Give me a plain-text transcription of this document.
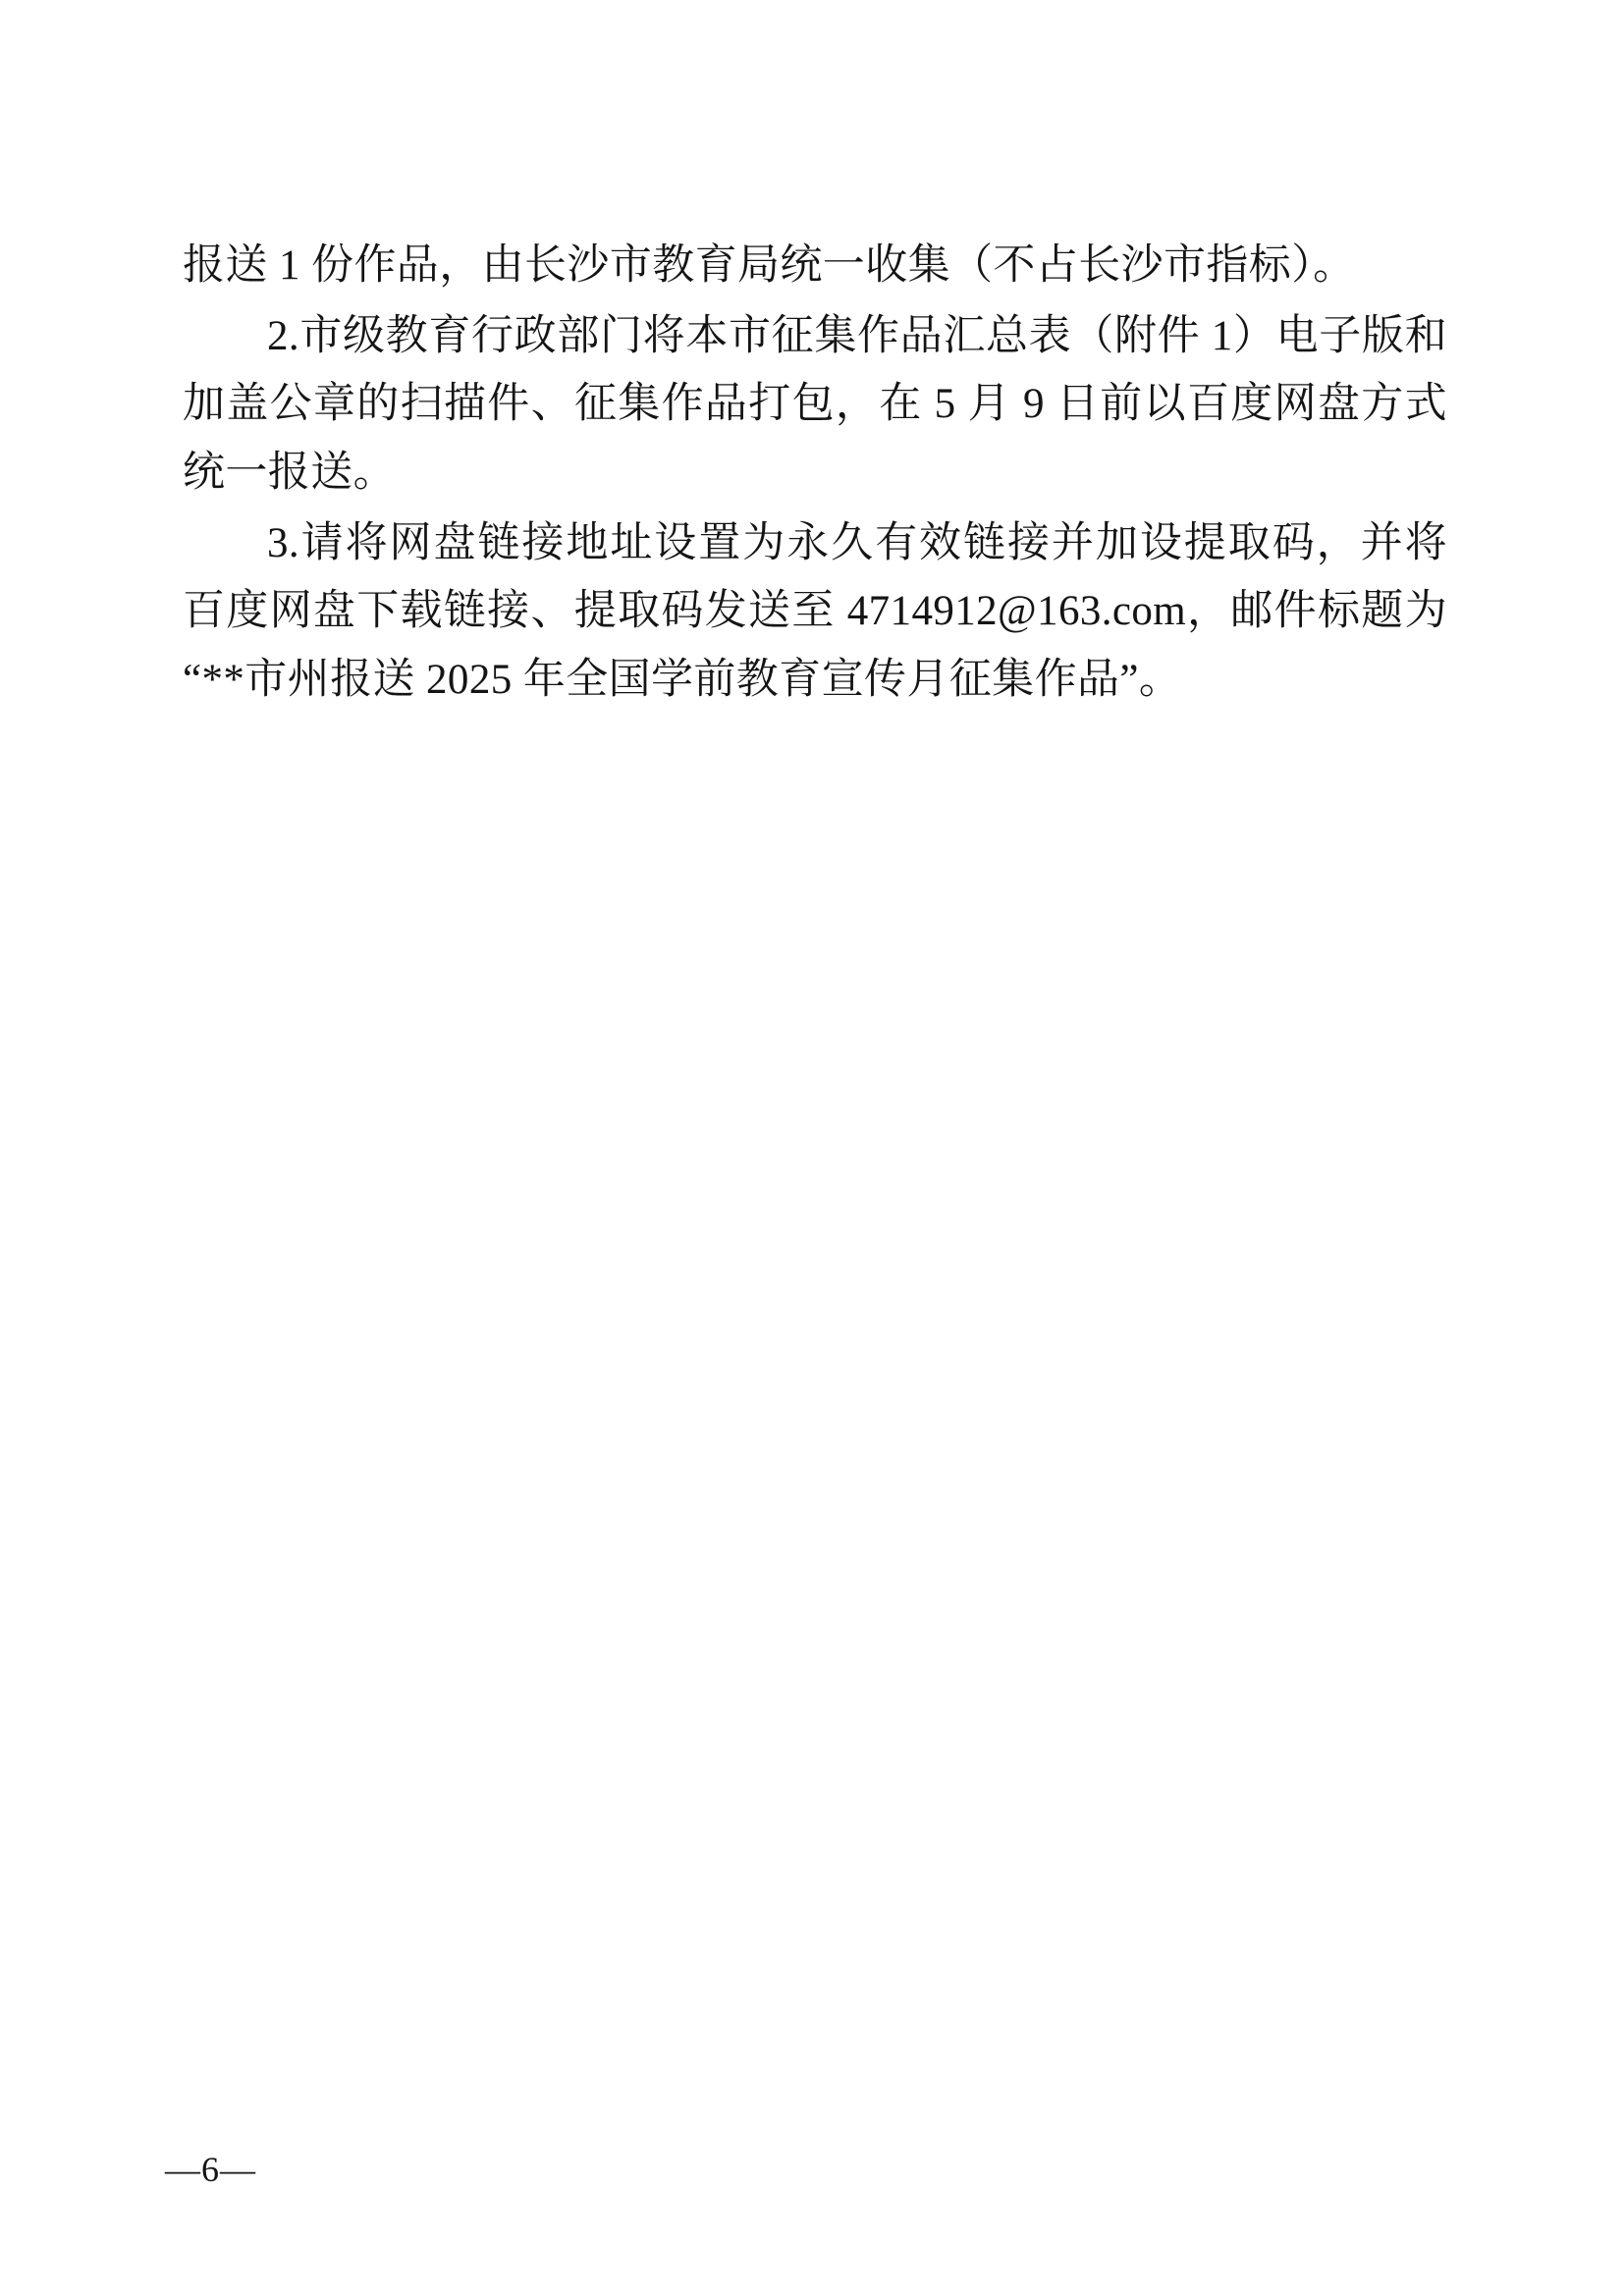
报送 1 份作品，由长沙市教育局统一收集（不占长沙市指标）。

2.市级教育行政部门将本市征集作品汇总表（附件 1）电子版和加盖公章的扫描件、征集作品打包，在 5 月 9 日前以百度网盘方式统一报送。

3.请将网盘链接地址设置为永久有效链接并加设提取码，并将百度网盘下载链接、提取码发送至 4714912@163.com，邮件标题为“**市州报送 2025 年全国学前教育宣传月征集作品”。

—6—
